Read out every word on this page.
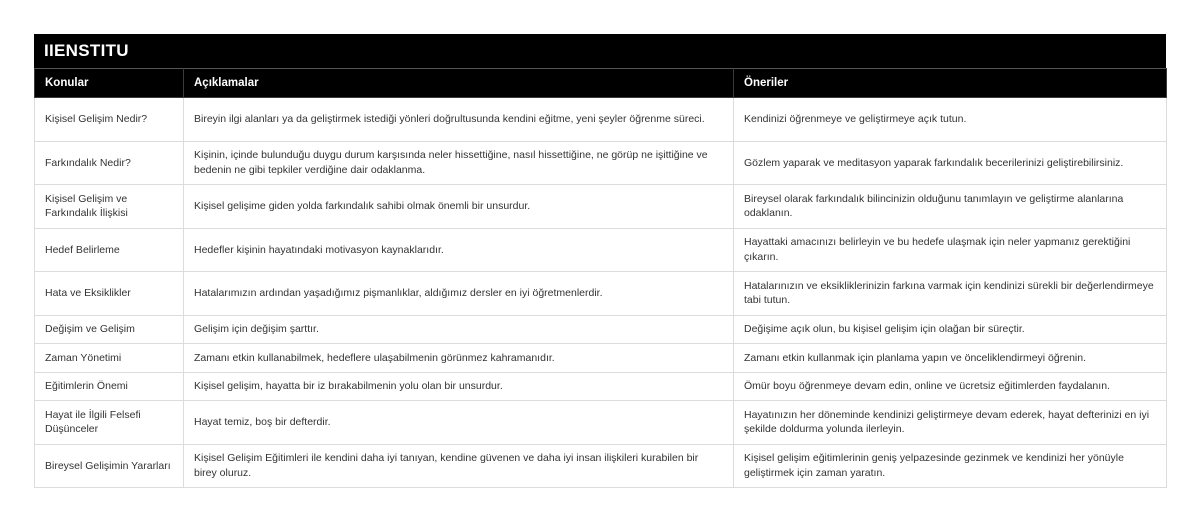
IIENSTITU
Konular	Açıklamalar	Öneriler
Kişisel Gelişim Nedir?	Bireyin ilgi alanları ya da geliştirmek istediği yönleri doğrultusunda kendini eğitme, yeni şeyler öğrenme süreci.	Kendinizi öğrenmeye ve geliştirmeye açık tutun.
Farkındalık Nedir?	Kişinin, içinde bulunduğu duygu durum karşısında neler hissettiğine, nasıl hissettiğine, ne görüp ne işittiğine ve bedenin ne gibi tepkiler verdiğine dair odaklanma.	Gözlem yaparak ve meditasyon yaparak farkındalık becerilerinizi geliştirebilirsiniz.
Kişisel Gelişim ve Farkındalık İlişkisi	Kişisel gelişime giden yolda farkındalık sahibi olmak önemli bir unsurdur.	Bireysel olarak farkındalık bilincinizin olduğunu tanımlayın ve geliştirme alanlarına odaklanın.
Hedef Belirleme	Hedefler kişinin hayatındaki motivasyon kaynaklarıdır.	Hayattaki amacınızı belirleyin ve bu hedefe ulaşmak için neler yapmanız gerektiğini çıkarın.
Hata ve Eksiklikler	Hatalarımızın ardından yaşadığımız pişmanlıklar, aldığımız dersler en iyi öğretmenlerdir.	Hatalarınızın ve eksikliklerinizin farkına varmak için kendinizi sürekli bir değerlendirmeye tabi tutun.
Değişim ve Gelişim	Gelişim için değişim şarttır.	Değişime açık olun, bu kişisel gelişim için olağan bir süreçtir.
Zaman Yönetimi	Zamanı etkin kullanabilmek, hedeflere ulaşabilmenin görünmez kahramanıdır.	Zamanı etkin kullanmak için planlama yapın ve önceliklendirmeyi öğrenin.
Eğitimlerin Önemi	Kişisel gelişim, hayatta bir iz bırakabilmenin yolu olan bir unsurdur.	Ömür boyu öğrenmeye devam edin, online ve ücretsiz eğitimlerden faydalanın.
Hayat ile İlgili Felsefi Düşünceler	Hayat temiz, boş bir defterdir.	Hayatınızın her döneminde kendinizi geliştirmeye devam ederek, hayat defterinizi en iyi şekilde doldurma yolunda ilerleyin.
Bireysel Gelişimin Yararları	Kişisel Gelişim Eğitimleri ile kendini daha iyi tanıyan, kendine güvenen ve daha iyi insan ilişkileri kurabilen bir birey oluruz.	Kişisel gelişim eğitimlerinin geniş yelpazesinde gezinmek ve kendinizi her yönüyle geliştirmek için zaman yaratın.
